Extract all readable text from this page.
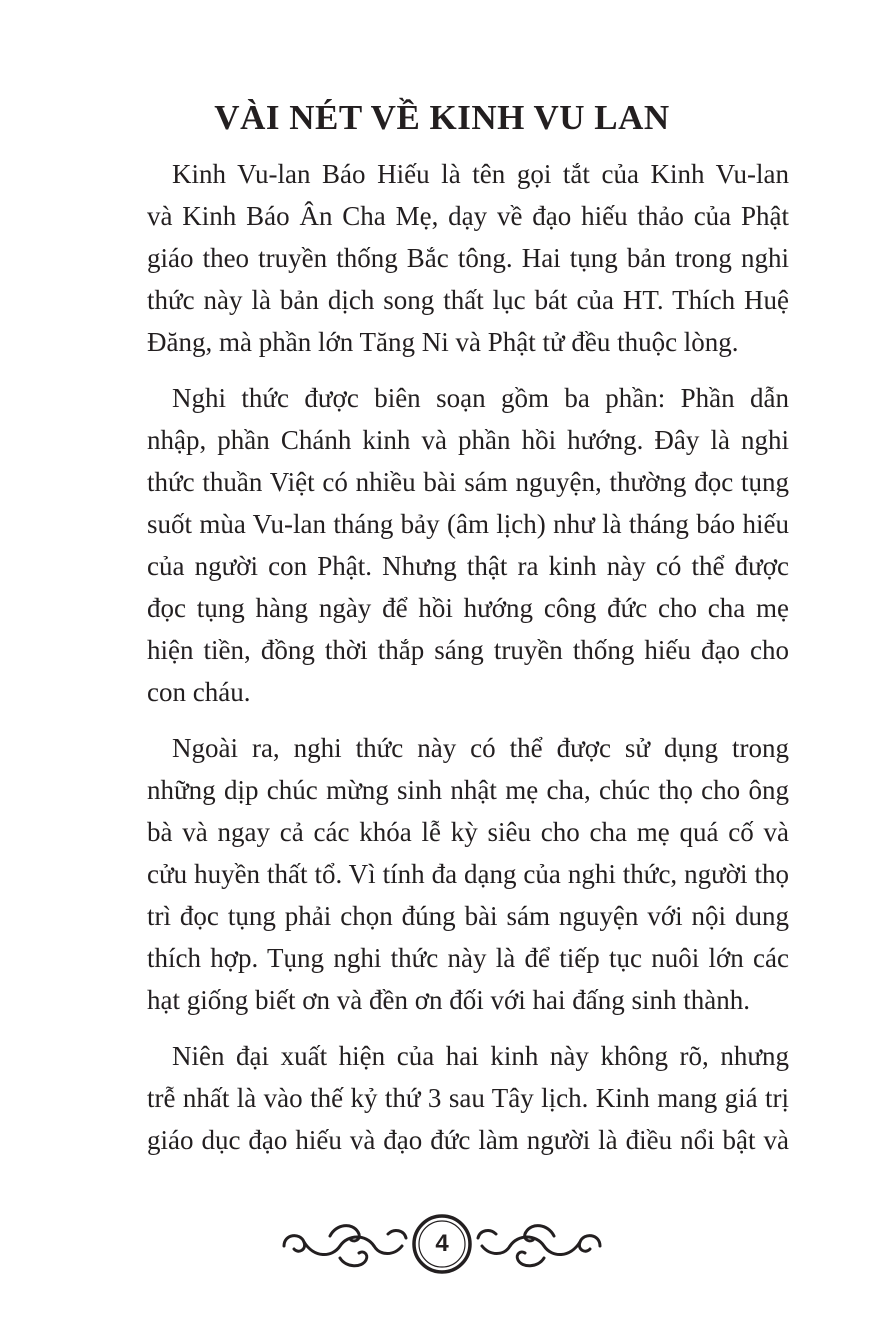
VÀI NÉT VỀ KINH VU LAN

Kinh Vu-lan Báo Hiếu là tên gọi tắt của Kinh Vu-lan
và Kinh Báo Ân Cha Mẹ, dạy về đạo hiếu thảo của Phật
giáo theo truyền thống Bắc tông. Hai tụng bản trong nghi
thức này là bản dịch song thất lục bát của HT. Thích Huệ
Đăng, mà phần lớn Tăng Ni và Phật tử đều thuộc lòng.

Nghi thức được biên soạn gồm ba phần: Phần dẫn
nhập, phần Chánh kinh và phần hồi hướng. Đây là nghi
thức thuần Việt có nhiều bài sám nguyện, thường đọc tụng
suốt mùa Vu-lan tháng bảy (âm lịch) như là tháng báo hiếu
của người con Phật. Nhưng thật ra kinh này có thể được
đọc tụng hàng ngày để hồi hướng công đức cho cha mẹ
hiện tiền, đồng thời thắp sáng truyền thống hiếu đạo cho
con cháu.

Ngoài ra, nghi thức này có thể được sử dụng trong
những dịp chúc mừng sinh nhật mẹ cha, chúc thọ cho ông
bà và ngay cả các khóa lễ kỳ siêu cho cha mẹ quá cố và
cửu huyền thất tổ. Vì tính đa dạng của nghi thức, người thọ
trì đọc tụng phải chọn đúng bài sám nguyện với nội dung
thích hợp. Tụng nghi thức này là để tiếp tục nuôi lớn các
hạt giống biết ơn và đền ơn đối với hai đấng sinh thành.

Niên đại xuất hiện của hai kinh này không rõ, nhưng
trễ nhất là vào thế kỷ thứ 3 sau Tây lịch. Kinh mang giá trị
giáo dục đạo hiếu và đạo đức làm người là điều nổi bật và

4
